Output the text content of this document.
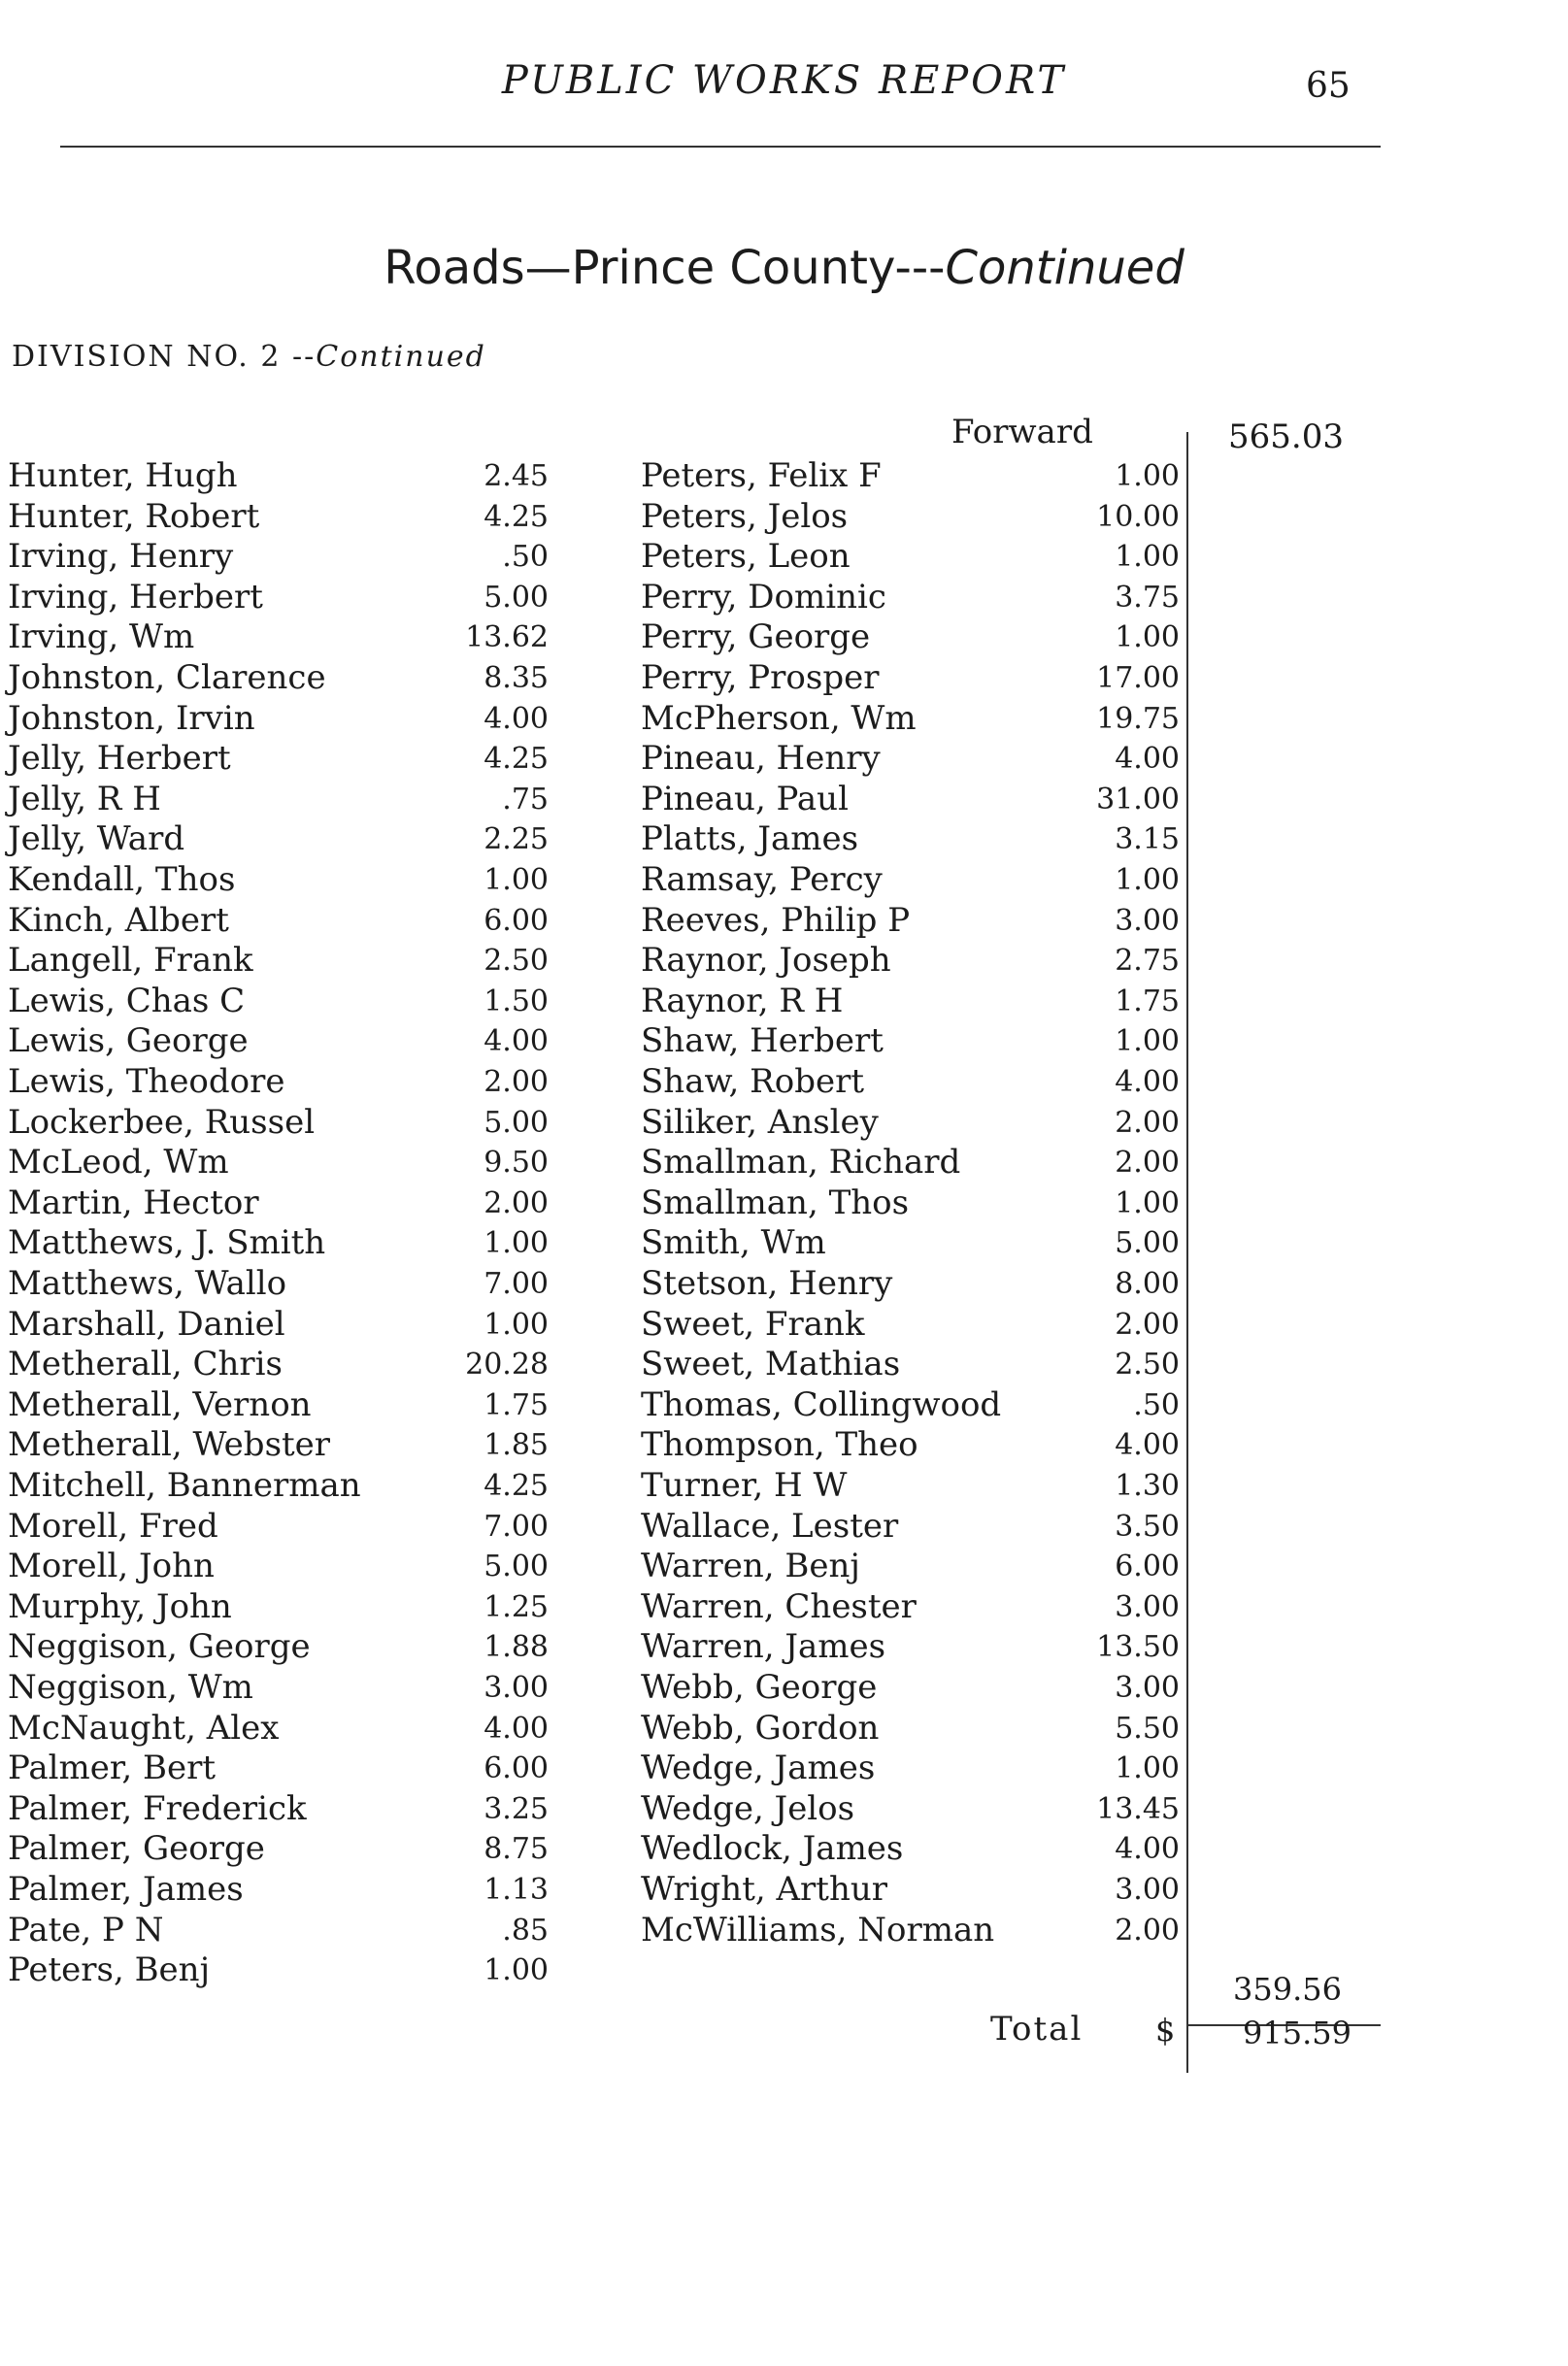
PUBLIC WORKS REPORT	65
Roads—Prince County---Continued
DIVISION NO. 2 --Continued
Forward	565.03
Hunter, Hugh	2.45
Hunter, Robert	4.25
Irving, Henry	.50
Irving, Herbert	5.00
Irving, Wm	13.62
Johnston, Clarence	8.35
Johnston, Irvin	4.00
Jelly, Herbert	4.25
Jelly, R H	.75
Jelly, Ward	2.25
Kendall, Thos	1.00
Kinch, Albert	6.00
Langell, Frank	2.50
Lewis, Chas C	1.50
Lewis, George	4.00
Lewis, Theodore	2.00
Lockerbee, Russel	5.00
McLeod, Wm	9.50
Martin, Hector	2.00
Matthews, J. Smith	1.00
Matthews, Wallo	7.00
Marshall, Daniel	1.00
Metherall, Chris	20.28
Metherall, Vernon	1.75
Metherall, Webster	1.85
Mitchell, Bannerman	4.25
Morell, Fred	7.00
Morell, John	5.00
Murphy, John	1.25
Neggison, George	1.88
Neggison, Wm	3.00
McNaught, Alex	4.00
Palmer, Bert	6.00
Palmer, Frederick	3.25
Palmer, George	8.75
Palmer, James	1.13
Pate, P N	.85
Peters, Benj	1.00
Peters, Felix F	1.00
Peters, Jelos	10.00
Peters, Leon	1.00
Perry, Dominic	3.75
Perry, George	1.00
Perry, Prosper	17.00
McPherson, Wm	19.75
Pineau, Henry	4.00
Pineau, Paul	31.00
Platts, James	3.15
Ramsay, Percy	1.00
Reeves, Philip P	3.00
Raynor, Joseph	2.75
Raynor, R H	1.75
Shaw, Herbert	1.00
Shaw, Robert	4.00
Siliker, Ansley	2.00
Smallman, Richard	2.00
Smallman, Thos	1.00
Smith, Wm	5.00
Stetson, Henry	8.00
Sweet, Frank	2.00
Sweet, Mathias	2.50
Thomas, Collingwood	.50
Thompson, Theo	4.00
Turner, H W	1.30
Wallace, Lester	3.50
Warren, Benj	6.00
Warren, Chester	3.00
Warren, James	13.50
Webb, George	3.00
Webb, Gordon	5.50
Wedge, James	1.00
Wedge, Jelos	13.45
Wedlock, James	4.00
Wright, Arthur	3.00
McWilliams, Norman	2.00
359.56
Total $ 915.59
